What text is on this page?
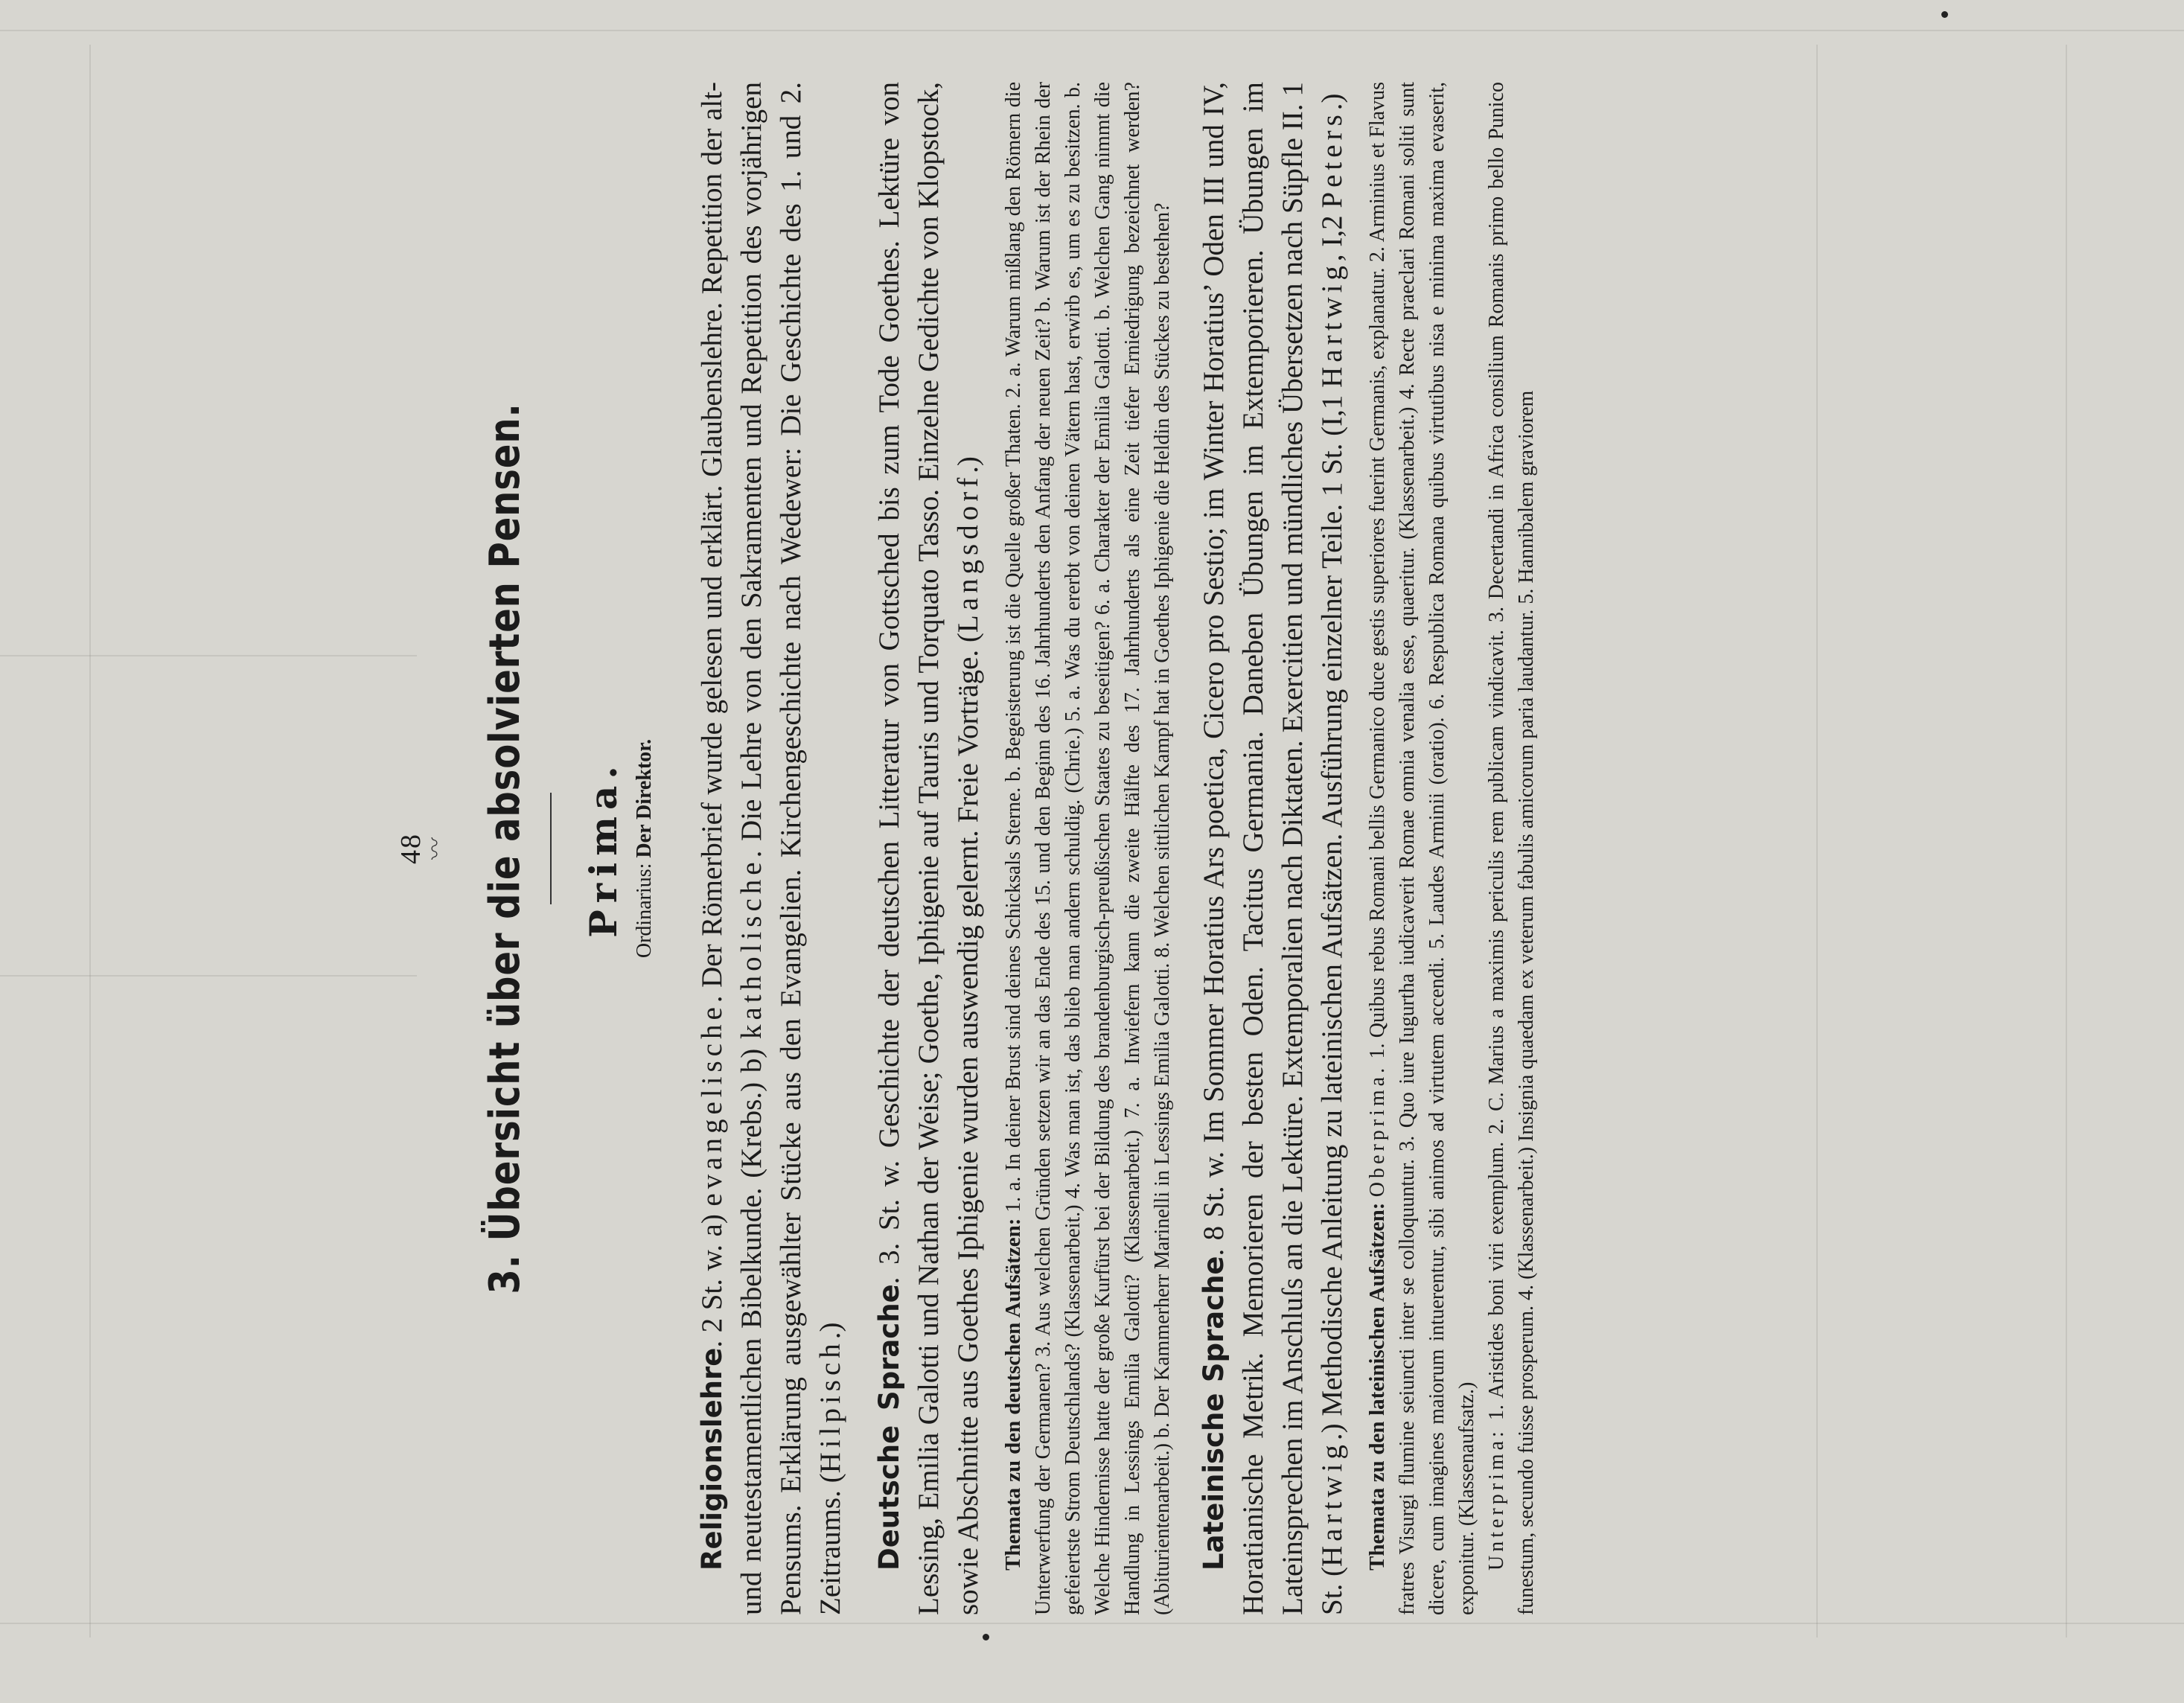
48

〰 3. Übersicht über die absolvierten Pensen. Prima. Ordinarius: Der Direktor.

Religionslehre. 2 St. w. a) evangelische. Der Römerbrief wurde gelesen und erklärt. Glaubenslehre. Repetition der alt- und neutestamentlichen Bibelkunde. (Krebs.) b) katholische. Die Lehre von den Sakramenten und Repetition des vorjährigen Pensums. Erklärung ausgewählter Stücke aus den Evangelien. Kirchengeschichte nach Wedewer: Die Geschichte des 1. und 2. Zeitraums. (Hilpisch.) Deutsche Sprache. 3. St. w. Geschichte der deutschen Litteratur von Gottsched bis zum Tode Goethes. Lektüre von Lessing, Emilia Galotti und Nathan der Weise; Goethe, Iphigenie auf Tauris und Torquato Tasso. Einzelne Gedichte von Klopstock, sowie Abschnitte aus Goethes Iphigenie wurden auswendig gelernt. Freie Vorträge. (Langsdorf.)

Themata zu den deutschen Aufsätzen: 1. a. In deiner Brust sind deines Schicksals Sterne. b. Begeisterung ist die Quelle großer Thaten. 2. a. Warum mißlang den Römern die Unterwerfung der Germanen? 3. Aus welchen Gründen setzen wir an das Ende des 15. und den Beginn des 16. Jahrhunderts den Anfang der neuen Zeit? b. Warum ist der Rhein der gefeiertste Strom Deutschlands? (Klassenarbeit.) 4. Was man ist, das blieb man andern schuldig. (Chrie.) 5. a. Was du ererbt von deinen Vätern hast, erwirb es, um es zu besitzen. b. Welche Hindernisse hatte der große Kurfürst bei der Bildung des brandenburgisch-preußischen Staates zu beseitigen? 6. a. Charakter der Emilia Galotti. b. Welchen Gang nimmt die Handlung in Lessings Emilia Galotti? (Klassenarbeit.) 7. a. Inwiefern kann die zweite Hälfte des 17. Jahrhunderts als eine Zeit tiefer Erniedrigung bezeichnet werden? (Abiturientenarbeit.) b. Der Kammerherr Marinelli in Lessings Emilia Galotti. 8. Welchen sittlichen Kampf hat in Goethes Iphigenie die Heldin des Stückes zu bestehen? Lateinische Sprache. 8 St. w. Im Sommer Horatius Ars poetica, Cicero pro Sestio; im Winter Horatius’ Oden III und IV, Horatianische Metrik. Memorieren der besten Oden. Tacitus Germania. Daneben Übungen im Extemporieren. Übungen im Lateinsprechen im Anschluſs an die Lektüre. Extemporalien nach Diktaten. Exercitien und mündliches Übersetzen nach Süpfle II. 1 St. (Hartwig.) Methodische Anleitung zu lateinischen Aufsätzen. Ausführung einzelner Teile. 1 St. (I,1 Hartwig, I,2 Peters.)

Themata zu den lateinischen Aufsätzen: Oberprima. 1. Quibus rebus Romani bellis Germanico duce gestis superiores fuerint Germanis, explanatur. 2. Arminius et Flavus fratres Visurgi flumine seiuncti inter se colloquuntur. 3. Quo iure Iugurtha iudicaverit Romae omnia venalia esse, quaeritur. (Klassenarbeit.) 4. Recte praeclari Romani soliti sunt dicere, cum imagines maiorum intuerentur, sibi animos ad virtutem accendi. 5. Laudes Arminii (oratio). 6. Respublica Romana quibus virtutibus nisa e minima maxima evaserit, exponitur. (Klassenaufsatz.) Unterprima: 1. Aristides boni viri exemplum. 2. C. Marius a maximis periculis rem publicam vindicavit. 3. Decertandi in Africa consilium Romanis primo bello Punico funestum, secundo fuisse prosperum. 4. (Klassenarbeit.) Insignia quaedam ex veterum fabulis amicorum paria laudantur. 5. Hannibalem graviorem
